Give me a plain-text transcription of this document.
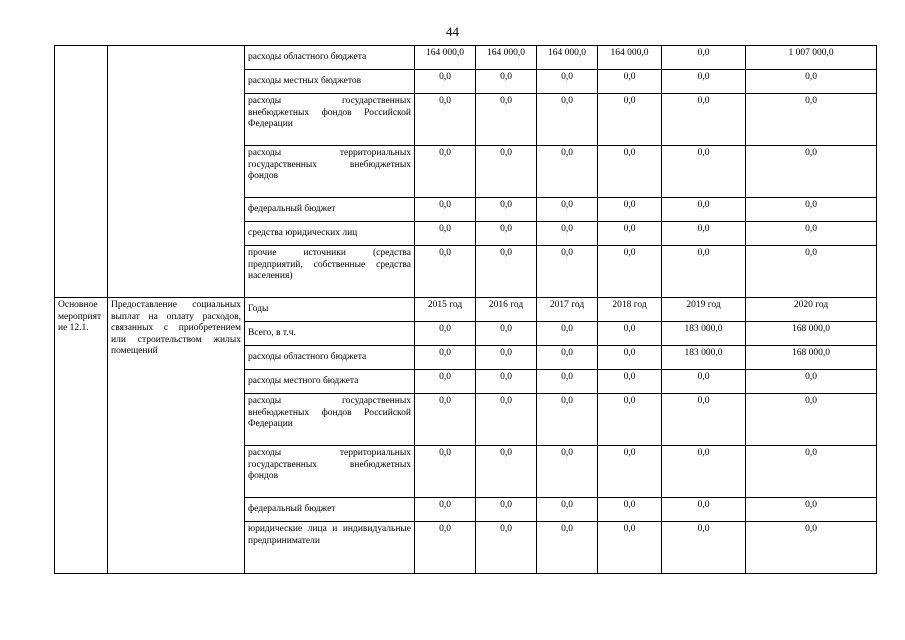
44
		расходы областного бюджета	164 000,0	164 000,0	164 000,0	164 000,0	0,0	1 007 000,0
		расходы местных бюджетов	0,0	0,0	0,0	0,0	0,0	0,0
		расходы государственных внебюджетных фондов Российской Федерации	0,0	0,0	0,0	0,0	0,0	0,0
		расходы территориальных государственных внебюджетных фондов	0,0	0,0	0,0	0,0	0,0	0,0
		федеральный бюджет	0,0	0,0	0,0	0,0	0,0	0,0
		средства юридических лиц	0,0	0,0	0,0	0,0	0,0	0,0
		прочие источники (средства предприятий, собственные средства населения)	0,0	0,0	0,0	0,0	0,0	0,0
Основное мероприятие 12.1.	Предоставление социальных выплат на оплату расходов, связанных с приобретением или строительством жилых помещений	Годы	2015 год	2016 год	2017 год	2018 год	2019 год	2020 год
		Всего, в т.ч.	0,0	0,0	0,0	0,0	183 000,0	168 000,0
		расходы областного бюджета	0,0	0,0	0,0	0,0	183 000,0	168 000,0
		расходы местного бюджета	0,0	0,0	0,0	0,0	0,0	0,0
		расходы государственных внебюджетных фондов Российской Федерации	0,0	0,0	0,0	0,0	0,0	0,0
		расходы территориальных государственных внебюджетных фондов	0,0	0,0	0,0	0,0	0,0	0,0
		федеральный бюджет	0,0	0,0	0,0	0,0	0,0	0,0
		юридические лица и индивидуальные предприниматели	0,0	0,0	0,0	0,0	0,0	0,0
